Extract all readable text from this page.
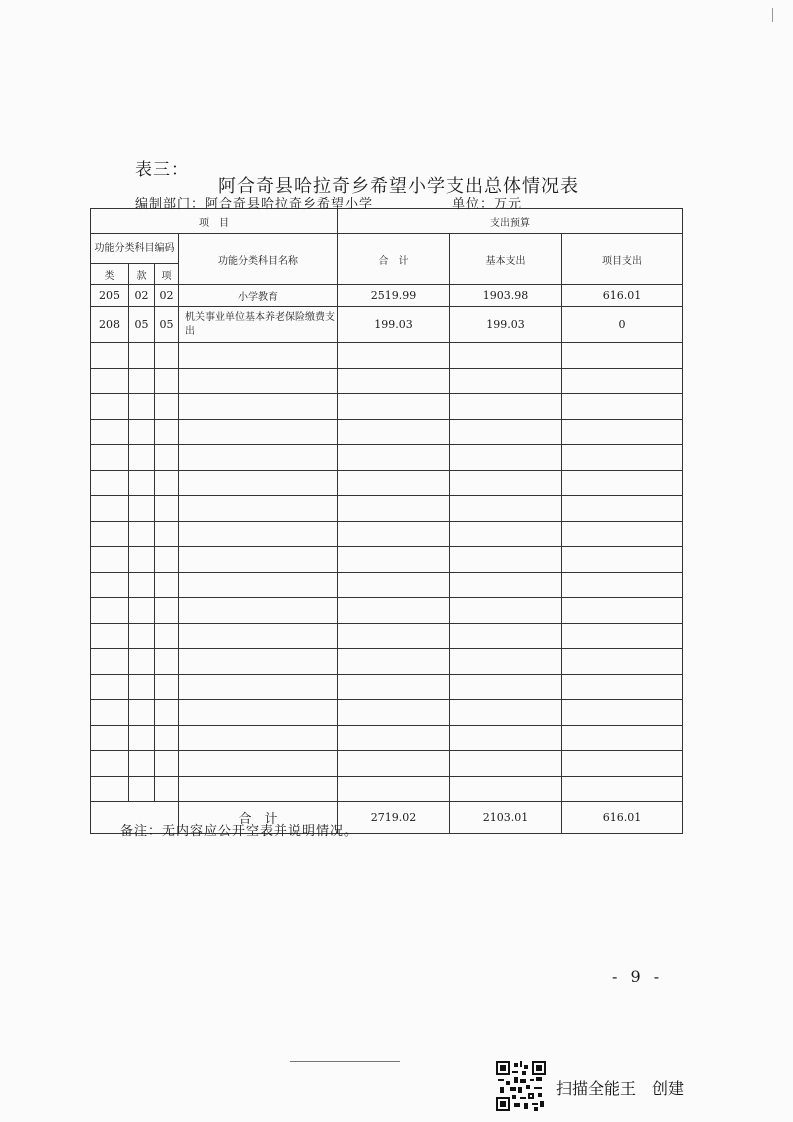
表三：
阿合奇县哈拉奇乡希望小学支出总体情况表
编制部门：阿合奇县哈拉奇乡希望小学	单位：万元
项　目				支出预算		
功能分类科目编码			功能分类科目名称	合　计	基本支出	项目支出
类	款	项				
205	02	02	小学教育	2519.99	1903.98	616.01
208	05	05	机关事业单位基本养老保险缴费支出	199.03	199.03	0

			合　计	2719.02	2103.01	616.01
备注：无内容应公开空表并说明情况。
- 9 -
扫描全能王　创建
